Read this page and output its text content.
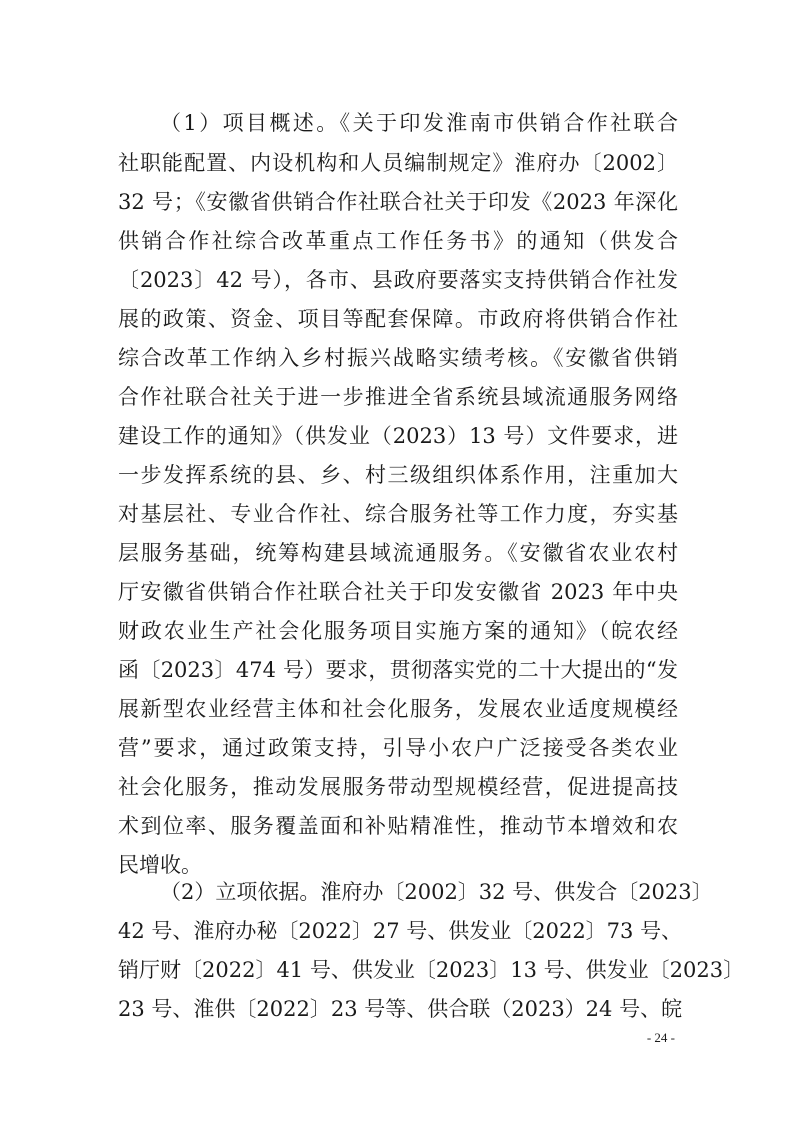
（1）项目概述。《关于印发淮南市供销合作社联合
社职能配置、内设机构和人员编制规定》淮府办〔2002〕
32 号；《安徽省供销合作社联合社关于印发《2023 年深化
供销合作社综合改革重点工作任务书》的通知（供发合
〔2023〕42 号），各市、县政府要落实支持供销合作社发
展的政策、资金、项目等配套保障。市政府将供销合作社
综合改革工作纳入乡村振兴战略实绩考核。《安徽省供销
合作社联合社关于进一步推进全省系统县域流通服务网络
建设工作的通知》（供发业（2023）13 号）文件要求，进
一步发挥系统的县、乡、村三级组织体系作用，注重加大
对基层社、专业合作社、综合服务社等工作力度，夯实基
层服务基础，统筹构建县域流通服务。《安徽省农业农村
厅安徽省供销合作社联合社关于印发安徽省 2023 年中央
财政农业生产社会化服务项目实施方案的通知》（皖农经
函〔2023〕474 号）要求，贯彻落实党的二十大提出的“发
展新型农业经营主体和社会化服务，发展农业适度规模经
营”要求，通过政策支持，引导小农户广泛接受各类农业
社会化服务，推动发展服务带动型规模经营，促进提高技
术到位率、服务覆盖面和补贴精准性，推动节本增效和农
民增收。
（2）立项依据。淮府办〔2002〕32 号、供发合〔2023〕
42 号、淮府办秘〔2022〕27 号、供发业〔2022〕73 号、
销厅财〔2022〕41 号、供发业〔2023〕13 号、供发业〔2023〕
23 号、淮供〔2022〕23 号等、供合联（2023）24 号、皖
- 24 -
